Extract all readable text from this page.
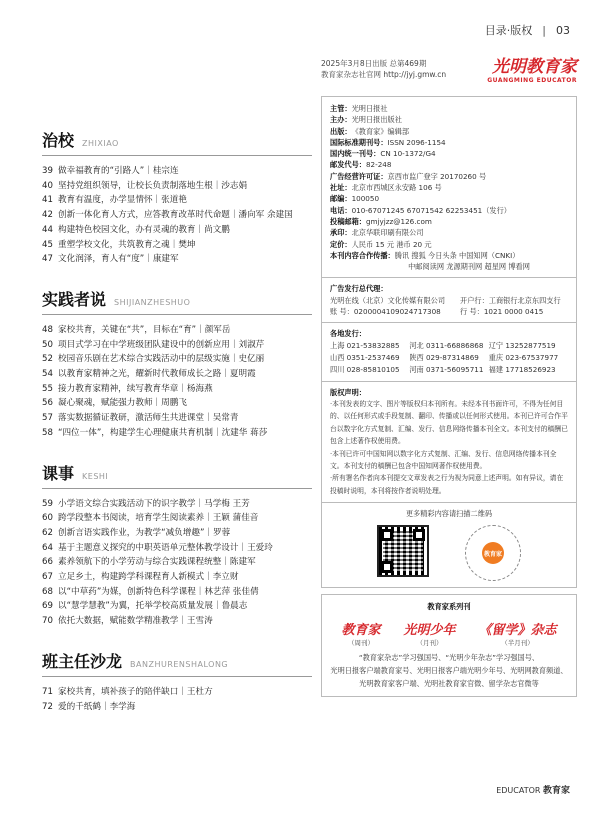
目录·版权 | 03
治校 ZHIXIAO
39 做幸福教育的“引路人”｜桂宗连
40 坚持党组织领导，让校长负责制落地生根｜沙志娟
41 教育有温度，办学显情怀｜张道艳
42 创新一体化育人方式，应答教育改革时代命题｜潘向军 余建国
44 构建特色校园文化，办有灵魂的教育｜尚文鹏
45 重塑学校文化，共筑教育之魂｜樊坤
47 文化润泽，育人有“度”｜康建军
实践者说 SHIJIANZHESHUO
48 家校共育，关键在“共”，目标在“育”｜颜军岳
50 项目式学习在中学班级团队建设中的创新应用｜刘淑芹
52 校园音乐剧在艺术综合实践活动中的层级实施｜史亿丽
54 以教育家精神之光，耀新时代教师成长之路｜夏明霞
55 接力教育家精神，续写教育华章｜杨海燕
56 凝心聚魂，赋能强力教师｜周鹏飞
57 落实数据循证教研，激活师生共进课堂｜吴常青
58 “四位一体”，构建学生心理健康共育机制｜沈建华 蒋莎
课事 KESHI
59 小学语文综合实践活动下的识字教学｜马学梅 王芳
60 跨学段整本书阅读，培育学生阅读素养｜王颖 蒲佳音
62 创新言语实践作业，为教学“减负增趣”｜罗蓉
64 基于主题意义探究的中职英语单元整体教学设计｜王爱玲
66 素养领航下的小学劳动与综合实践课程统整｜陈建军
67 立足乡土，构建跨学科课程育人新模式｜李立财
68 以“中草药”为媒，创新特色科学课程｜林艺萍 张佳倩
69 以“慧学慧教”为翼，托举学校高质量发展｜鲁晨志
70 依托大数据，赋能数学精准教学｜王雪涛
班主任沙龙 BANZHURENSHALONG
71 家校共育，填补孩子的陪伴缺口｜王杜方
72 爱的千纸鹤｜李学海
2025年3月8日出版 总第469期
教育家杂志社官网 http://jyj.gmw.cn	光明教育家
GUANGMING EDUCATOR
主管： 光明日报社
主办： 光明日报出版社
出版： 《教育家》编辑部
国际标准期刊号： ISSN 2096-1154
国内统一刊号： CN 10-1372/G4
邮发代号： 82-248
广告经营许可证： 京西市监广登字 20170260 号
社址： 北京市西城区永安路 106 号
邮编： 100050
电话： 010-67071245 67071542 62253451（发行）
投稿邮箱： gmjyjzz@126.com
承印： 北京华联印刷有限公司
定价： 人民币 15 元 港币 20 元
本刊内容合作传播： 腾讯 搜狐 今日头条 中国知网（CNKI）
中邮阅读网 龙源期刊网 超星网 博看网
广告发行总代理：
光明在线（北京）文化传媒有限公司	开户行：工商银行北京东四支行
账 号：0200004109024717308	行 号：1021 0000 0415
各地发行：
上海 021-53832885	河北 0311-66886868 辽宁 13252877519
山西 0351-2537469	陕西 029-87314869	重庆 023-67537977
四川 028-85810105	河南 0371-56095711 福建 17718526923
版权声明：
·本刊发表的文字、图片等版权归本刊所有。未经本刊书面许可，不得为任何目的、以任何形式或手段复制、翻印、传播或以任何形式使用。本刊已许可合作平台以数字化方式复制、汇编、发行、信息网络传播本刊全文。本刊支付的稿酬已包含上述著作权使用费。
·本刊已许可中国知网以数字化方式复制、汇编、发行、信息网络传播本刊全文。本刊支付的稿酬已包含中国知网著作权使用费。
·所有署名作者向本刊提交文章发表之行为视为同意上述声明。如有异议，请在投稿时说明，本刊将按作者说明处理。
更多精彩内容请扫描二维码
教育家
教育家系列刊
教育家
（周刊）
光明少年
（月刊）
《留学》杂志
（半月刊）
“教育家杂志”学习强国号、“光明少年杂志”学习强国号、
光明日报客户端教育家号、光明日报客户端光明少年号、光明网教育频道、
光明教育家客户端、光明社教育家官微、留学杂志官微等
EDUCATOR 教育家
